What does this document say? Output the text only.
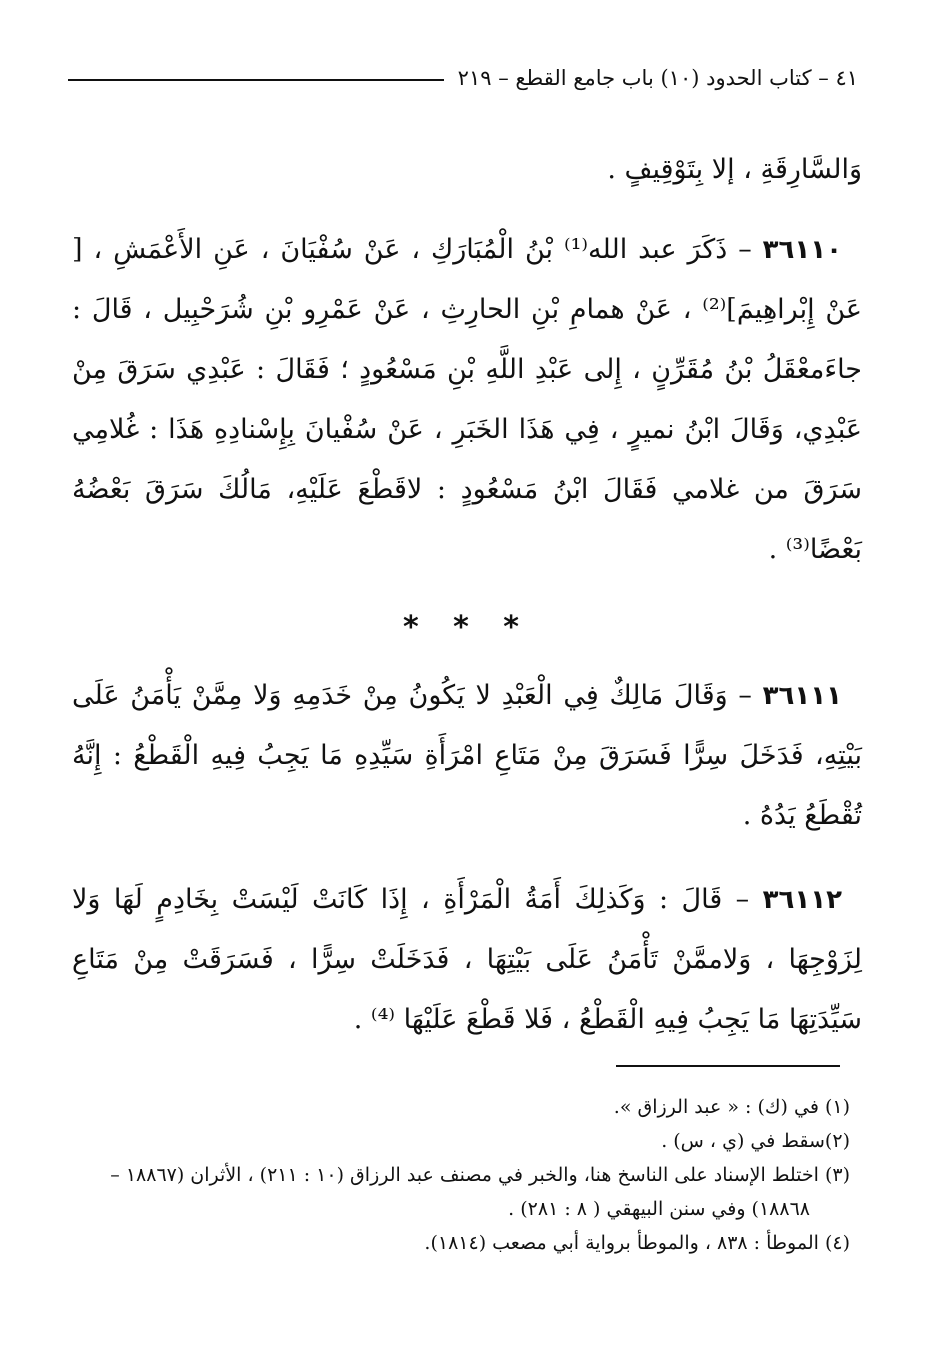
٤١ – كتاب الحدود (١٠) باب جامع القطع – ٢١٩

وَالسَّارِقَةِ ، إلا بِتَوْقِيفٍ .

٣٦١١٠ – ذَكَرَ عبد الله⁽¹⁾ بْنُ الْمُبَارَكِ ، عَنْ سُفْيَانَ ، عَنِ الأَعْمَشِ ، [ عَنْ إِبْراهِيمَ]⁽²⁾ ، عَنْ همامِ بْنِ الحارِثِ ، عَنْ عَمْرِو بْنِ شُرَحْبِيل ، قَالَ : جاءَمعْقَلُ بْنُ مُقَرِّنٍ ، إِلى عَبْدِ اللَّهِ بْنِ مَسْعُودٍ ؛ فَقَالَ : عَبْدِي سَرَقَ مِنْ عَبْدِي، وَقَالَ ابْنُ نميرٍ ، فِي هَذَا الخَبَرِ ، عَنْ سُفْيانَ بِإِسْنادِهِ هَذَا : غُلامِي سَرَقَ من غلامي فَقَالَ ابْنُ مَسْعُودٍ : لاقَطْعَ عَلَيْهِ، مَالُكَ سَرَقَ بَعْضُهُ بَعْضًا⁽³⁾ .

* * *

٣٦١١١ – وَقَالَ مَالِكٌ فِي الْعَبْدِ لا يَكُونُ مِنْ خَدَمِهِ وَلا مِمَّنْ يَأْمَنُ عَلَى بَيْتِهِ، فَدَخَلَ سِرًّا فَسَرَقَ مِنْ مَتَاعِ امْرَأَةِ سَيِّدِهِ مَا يَجِبُ فِيهِ الْقَطْعُ : إِنَّهُ تُقْطَعُ يَدُهُ .

٣٦١١٢ – قَالَ : وَكَذلِكَ أَمَةُ الْمَرْأَةِ ، إِذَا كَانَتْ لَيْسَتْ بِخَادِمٍ لَهَا وَلا لِزَوْجِهَا ، وَلاممَّنْ تَأْمَنُ عَلَى بَيْتِهَا ، فَدَخَلَتْ سِرًّا ، فَسَرَقَتْ مِنْ مَتَاعِ سَيِّدَتِهَا مَا يَجِبُ فِيهِ الْقَطْعُ ، فَلا قَطْعَ عَلَيْهَا ⁽⁴⁾ .

(١) في (ك) : « عبد الرزاق ».

(٢)سقط في (ي ، س) .

(٣) اختلط الإسناد على الناسخ هنا، والخبر في مصنف عبد الرزاق (١٠ : ٢١١) ، الأثران (١٨٨٦٧ –

١٨٨٦٨) وفي سنن البيهقي ( ٨ : ٢٨١) .

(٤) الموطأ : ٨٣٨ ، والموطأ برواية أبي مصعب (١٨١٤).
